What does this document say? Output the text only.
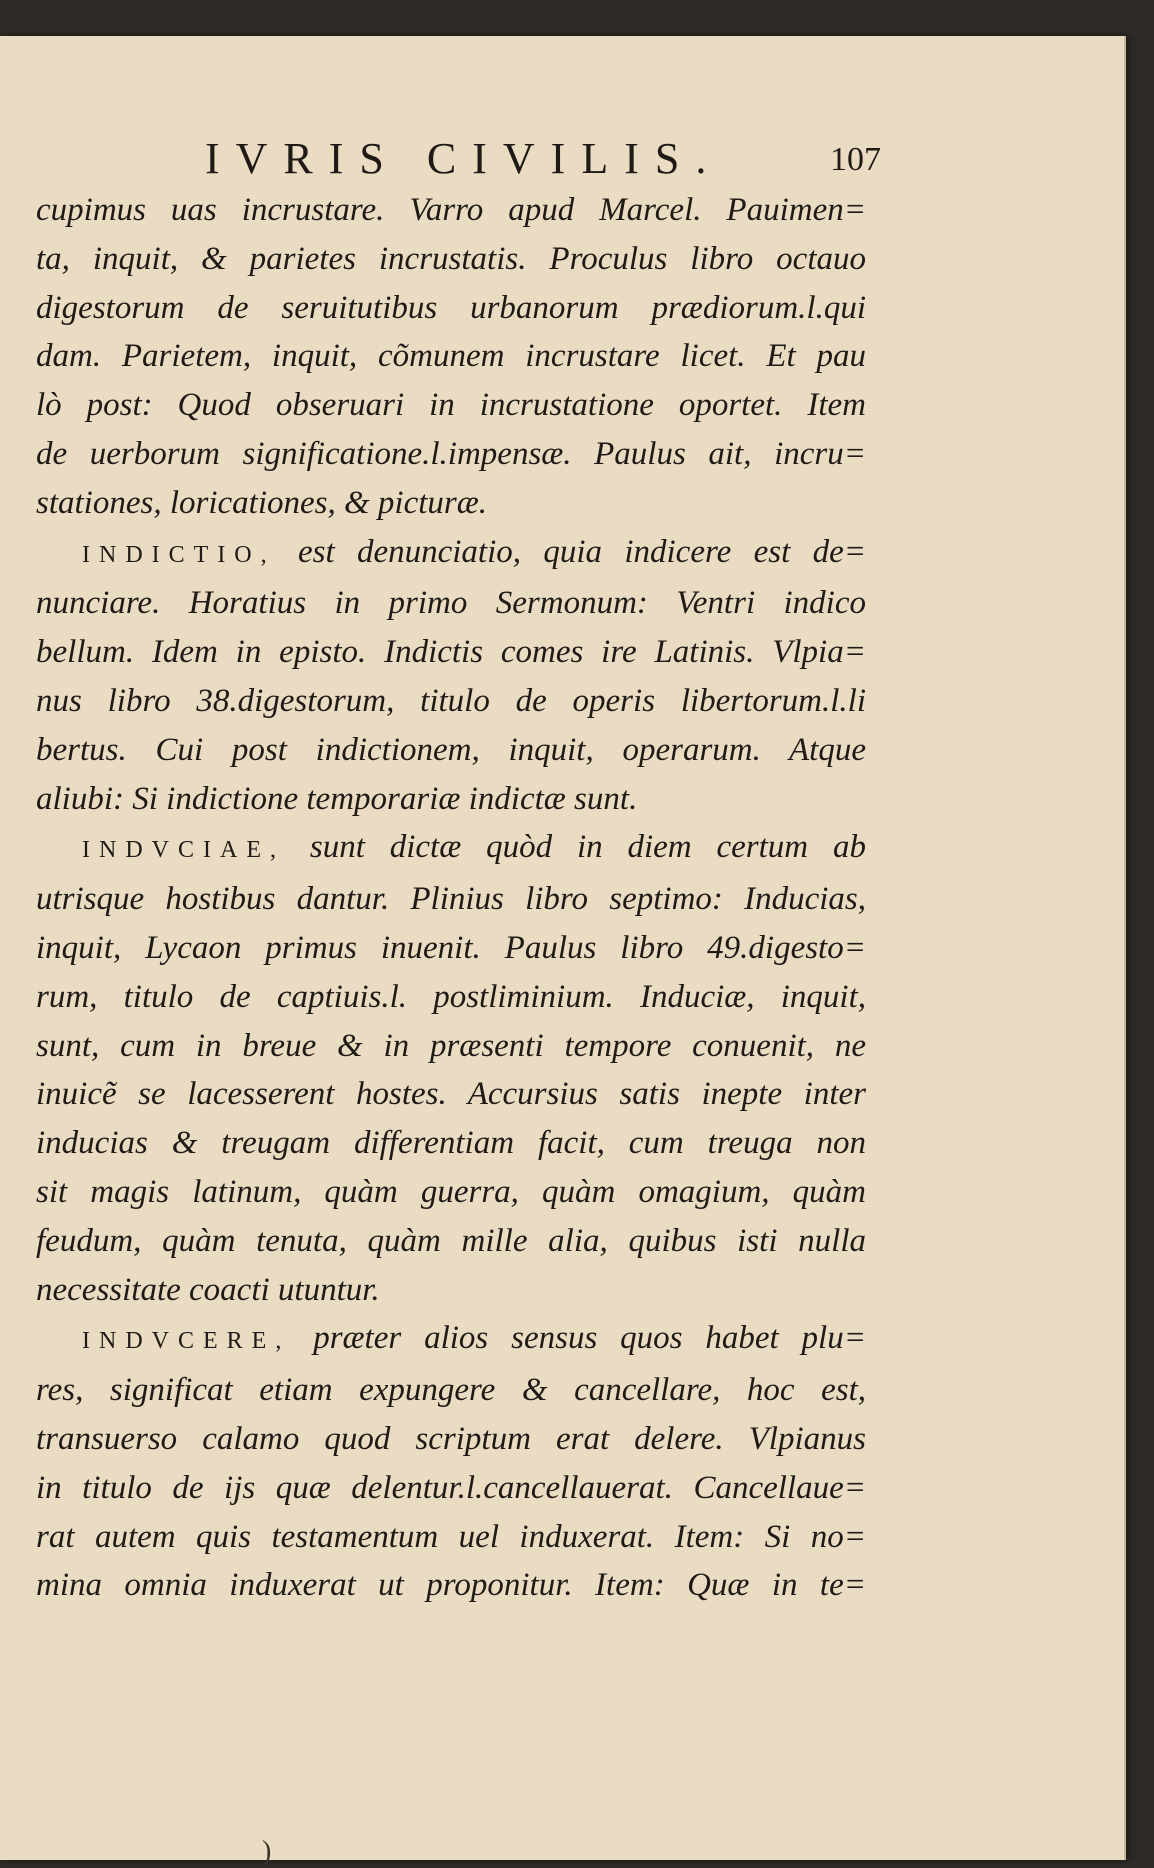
IVRIS CIVILIS.	107
cupimus uas incrustare. Varro apud Marcel. Pauimen=
ta, inquit, & parietes incrustatis. Proculus libro octauo
digestorum de seruitutibus urbanorum prædiorum.l.qui
dam. Parietem, inquit, cõmunem incrustare licet. Et pau
lò post: Quod obseruari in incrustatione oportet. Item
de uerborum significatione.l.impensæ. Paulus ait, incru=
stationes, loricationes, & picturæ.
INDICTIO, est denunciatio, quia indicere est de=
nunciare. Horatius in primo Sermonum: Ventri indico
bellum. Idem in episto. Indictis comes ire Latinis. Vlpia=
nus libro 38.digestorum, titulo de operis libertorum.l.li
bertus. Cui post indictionem, inquit, operarum. Atque
aliubi: Si indictione temporariæ indictæ sunt.
INDVCIAE, sunt dictæ quòd in diem certum ab
utrisque hostibus dantur. Plinius libro septimo: Inducias,
inquit, Lycaon primus inuenit. Paulus libro 49.digesto=
rum, titulo de captiuis.l. postliminium. Induciæ, inquit,
sunt, cum in breue & in præsenti tempore conuenit, ne
inuicẽ se lacesserent hostes. Accursius satis inepte inter
inducias & treugam differentiam facit, cum treuga non
sit magis latinum, quàm guerra, quàm omagium, quàm
feudum, quàm tenuta, quàm mille alia, quibus isti nulla
necessitate coacti utuntur.
INDVCERE, præter alios sensus quos habet plu=
res, significat etiam expungere & cancellare, hoc est,
transuerso calamo quod scriptum erat delere. Vlpianus
in titulo de ijs quæ delentur.l.cancellauerat. Cancellaue=
rat autem quis testamentum uel induxerat. Item: Si no=
mina omnia induxerat ut proponitur. Item: Quæ in te=
)
